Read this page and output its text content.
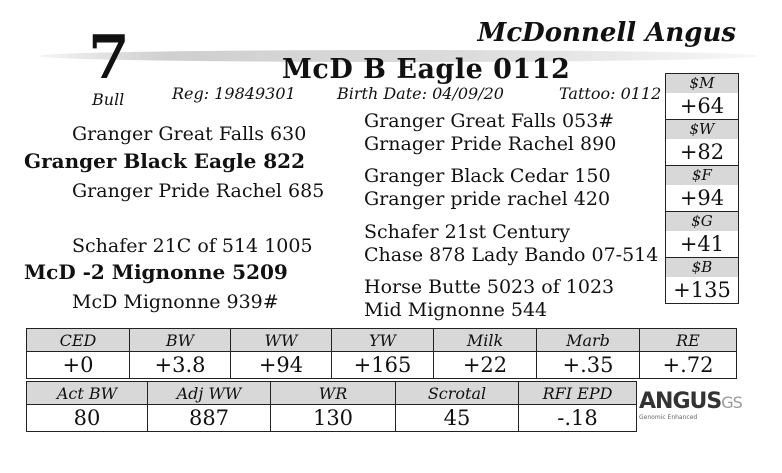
7
Bull
McDonnell Angus
McD B Eagle 0112
Reg: 19849301	Birth Date: 04/09/20	Tattoo: 0112
Granger Great Falls 630
Granger Black Eagle 822
Granger Pride Rachel 685
Schafer 21C of 514 1005
McD -2 Mignonne 5209
McD Mignonne 939#
Granger Great Falls 053#
Grnager Pride Rachel 890
Granger Black Cedar 150
Granger pride rachel 420
Schafer 21st Century
Chase 878 Lady Bando 07-514
Horse Butte 5023 of 1023
Mid Mignonne 544
$M
+64
$W
+82
$F
+94
$G
+41
$B
+135
CED	BW	WW	YW	Milk	Marb	RE
+0	+3.8	+94	+165	+22	+.35	+.72
Act BW	Adj WW	WR	Scrotal	RFI EPD
80	887	130	45	-.18
ANGUSGS
Genomic Enhanced
